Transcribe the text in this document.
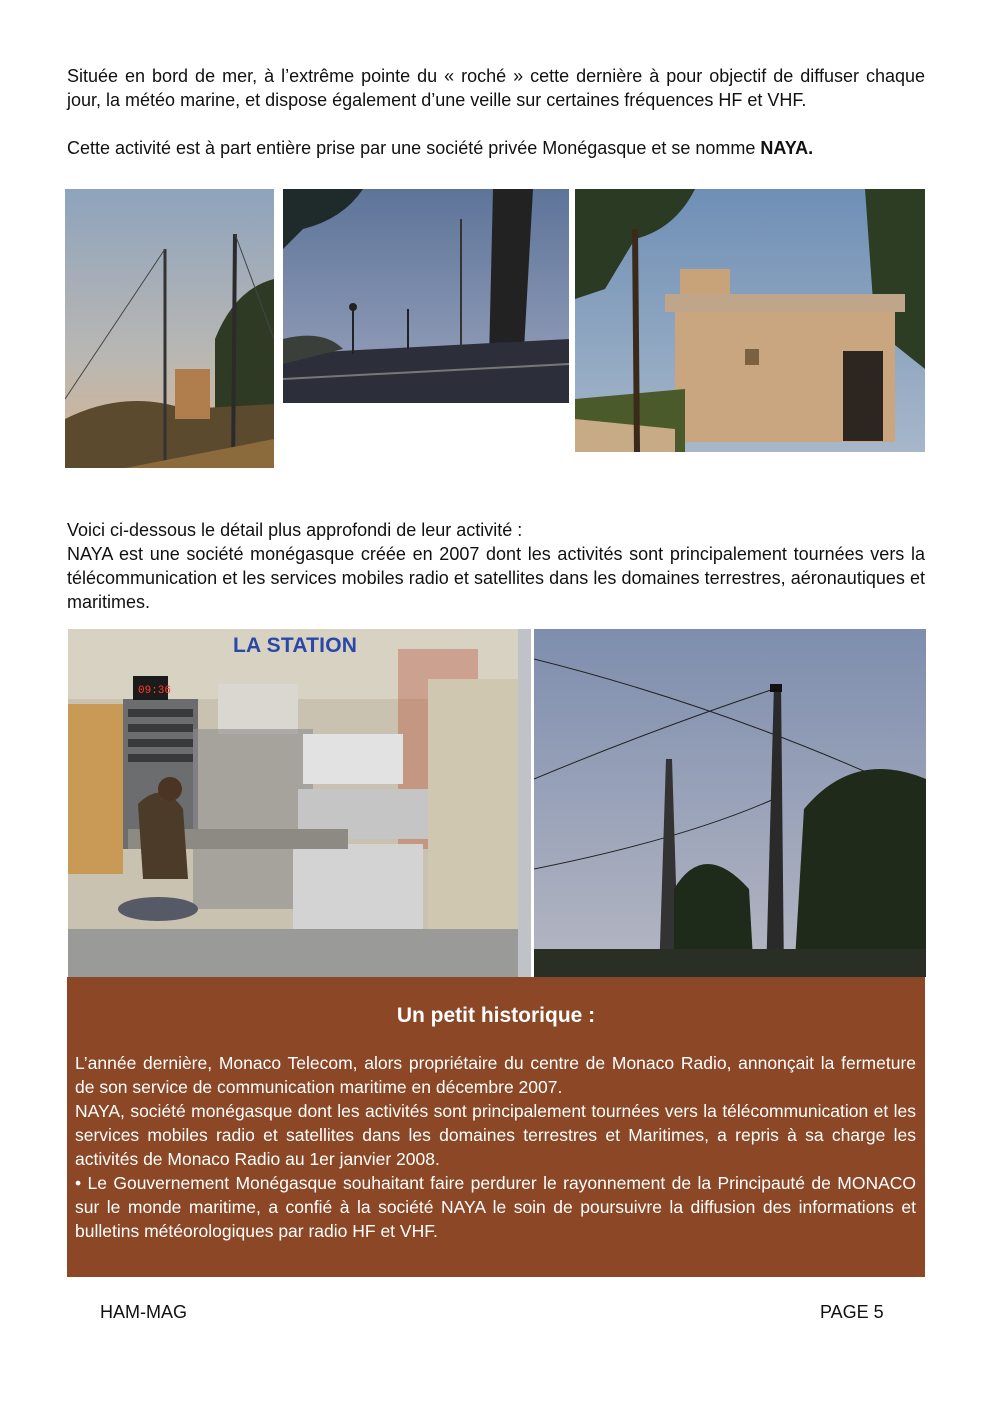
Située en bord de mer, à l’extrême pointe du « roché » cette dernière à pour objectif de diffuser chaque jour, la météo marine, et dispose également d’une veille sur certaines fréquences HF et VHF.

Cette activité est à part entière prise par une société privée Monégasque et se nomme NAYA.

Voici ci-dessous le détail plus approfondi de leur activité :
NAYA est une société monégasque créée en 2007 dont les activités sont principalement tournées vers la télécommunication et les services mobiles radio et satellites dans les domaines terrestres, aéronautiques et maritimes.

09:36
LA STATION
Un petit historique :

L’année dernière, Monaco Telecom, alors propriétaire du centre de Monaco Radio, annonçait la fermeture de son service de communication maritime en décembre 2007.

NAYA, société monégasque dont les activités sont principalement tournées vers la télécommunication et les services mobiles radio et satellites dans les domaines terrestres et Maritimes, a repris à sa charge les activités de Monaco Radio au 1er janvier 2008.

• Le Gouvernement Monégasque souhaitant faire perdurer le rayonnement de la Principauté de MONACO sur le monde maritime, a confié à la société NAYA le soin de poursuivre la diffusion des informations et bulletins météorologiques par radio HF et VHF.

HAM-MAG	PAGE 5
